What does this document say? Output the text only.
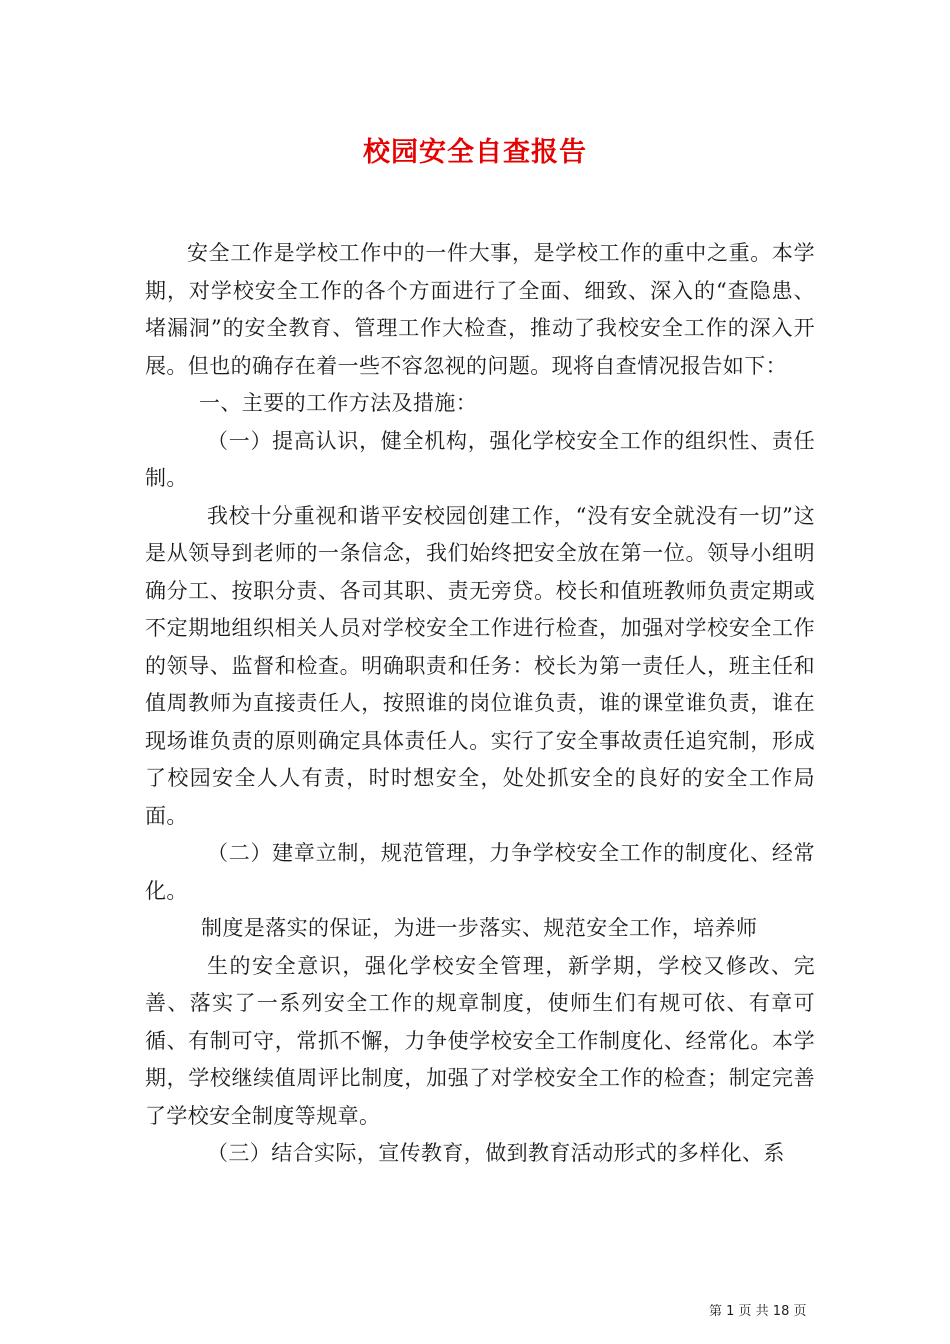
校园安全自查报告

安全工作是学校工作中的一件大事，是学校工作的重中之重。本学期，对学校安全工作的各个方面进行了全面、细致、深入的“查隐患、堵漏洞”的安全教育、管理工作大检查，推动了我校安全工作的深入开展。但也的确存在着一些不容忽视的问题。现将自查情况报告如下：

一、主要的工作方法及措施：

（一）提高认识，健全机构，强化学校安全工作的组织性、责任制。

我校十分重视和谐平安校园创建工作，“没有安全就没有一切”这是从领导到老师的一条信念，我们始终把安全放在第一位。领导小组明确分工、按职分责、各司其职、责无旁贷。校长和值班教师负责定期或不定期地组织相关人员对学校安全工作进行检查，加强对学校安全工作的领导、监督和检查。明确职责和任务：校长为第一责任人，班主任和值周教师为直接责任人，按照谁的岗位谁负责，谁的课堂谁负责，谁在现场谁负责的原则确定具体责任人。实行了安全事故责任追究制，形成了校园安全人人有责，时时想安全，处处抓安全的良好的安全工作局面。

（二）建章立制，规范管理，力争学校安全工作的制度化、经常化。

制度是落实的保证，为进一步落实、规范安全工作，培养师

生的安全意识，强化学校安全管理，新学期，学校又修改、完善、落实了一系列安全工作的规章制度，使师生们有规可依、有章可循、有制可守，常抓不懈，力争使学校安全工作制度化、经常化。本学期，学校继续值周评比制度，加强了对学校安全工作的检查；制定完善了学校安全制度等规章。

（三）结合实际，宣传教育，做到教育活动形式的多样化、系

第 1 页 共 18 页
